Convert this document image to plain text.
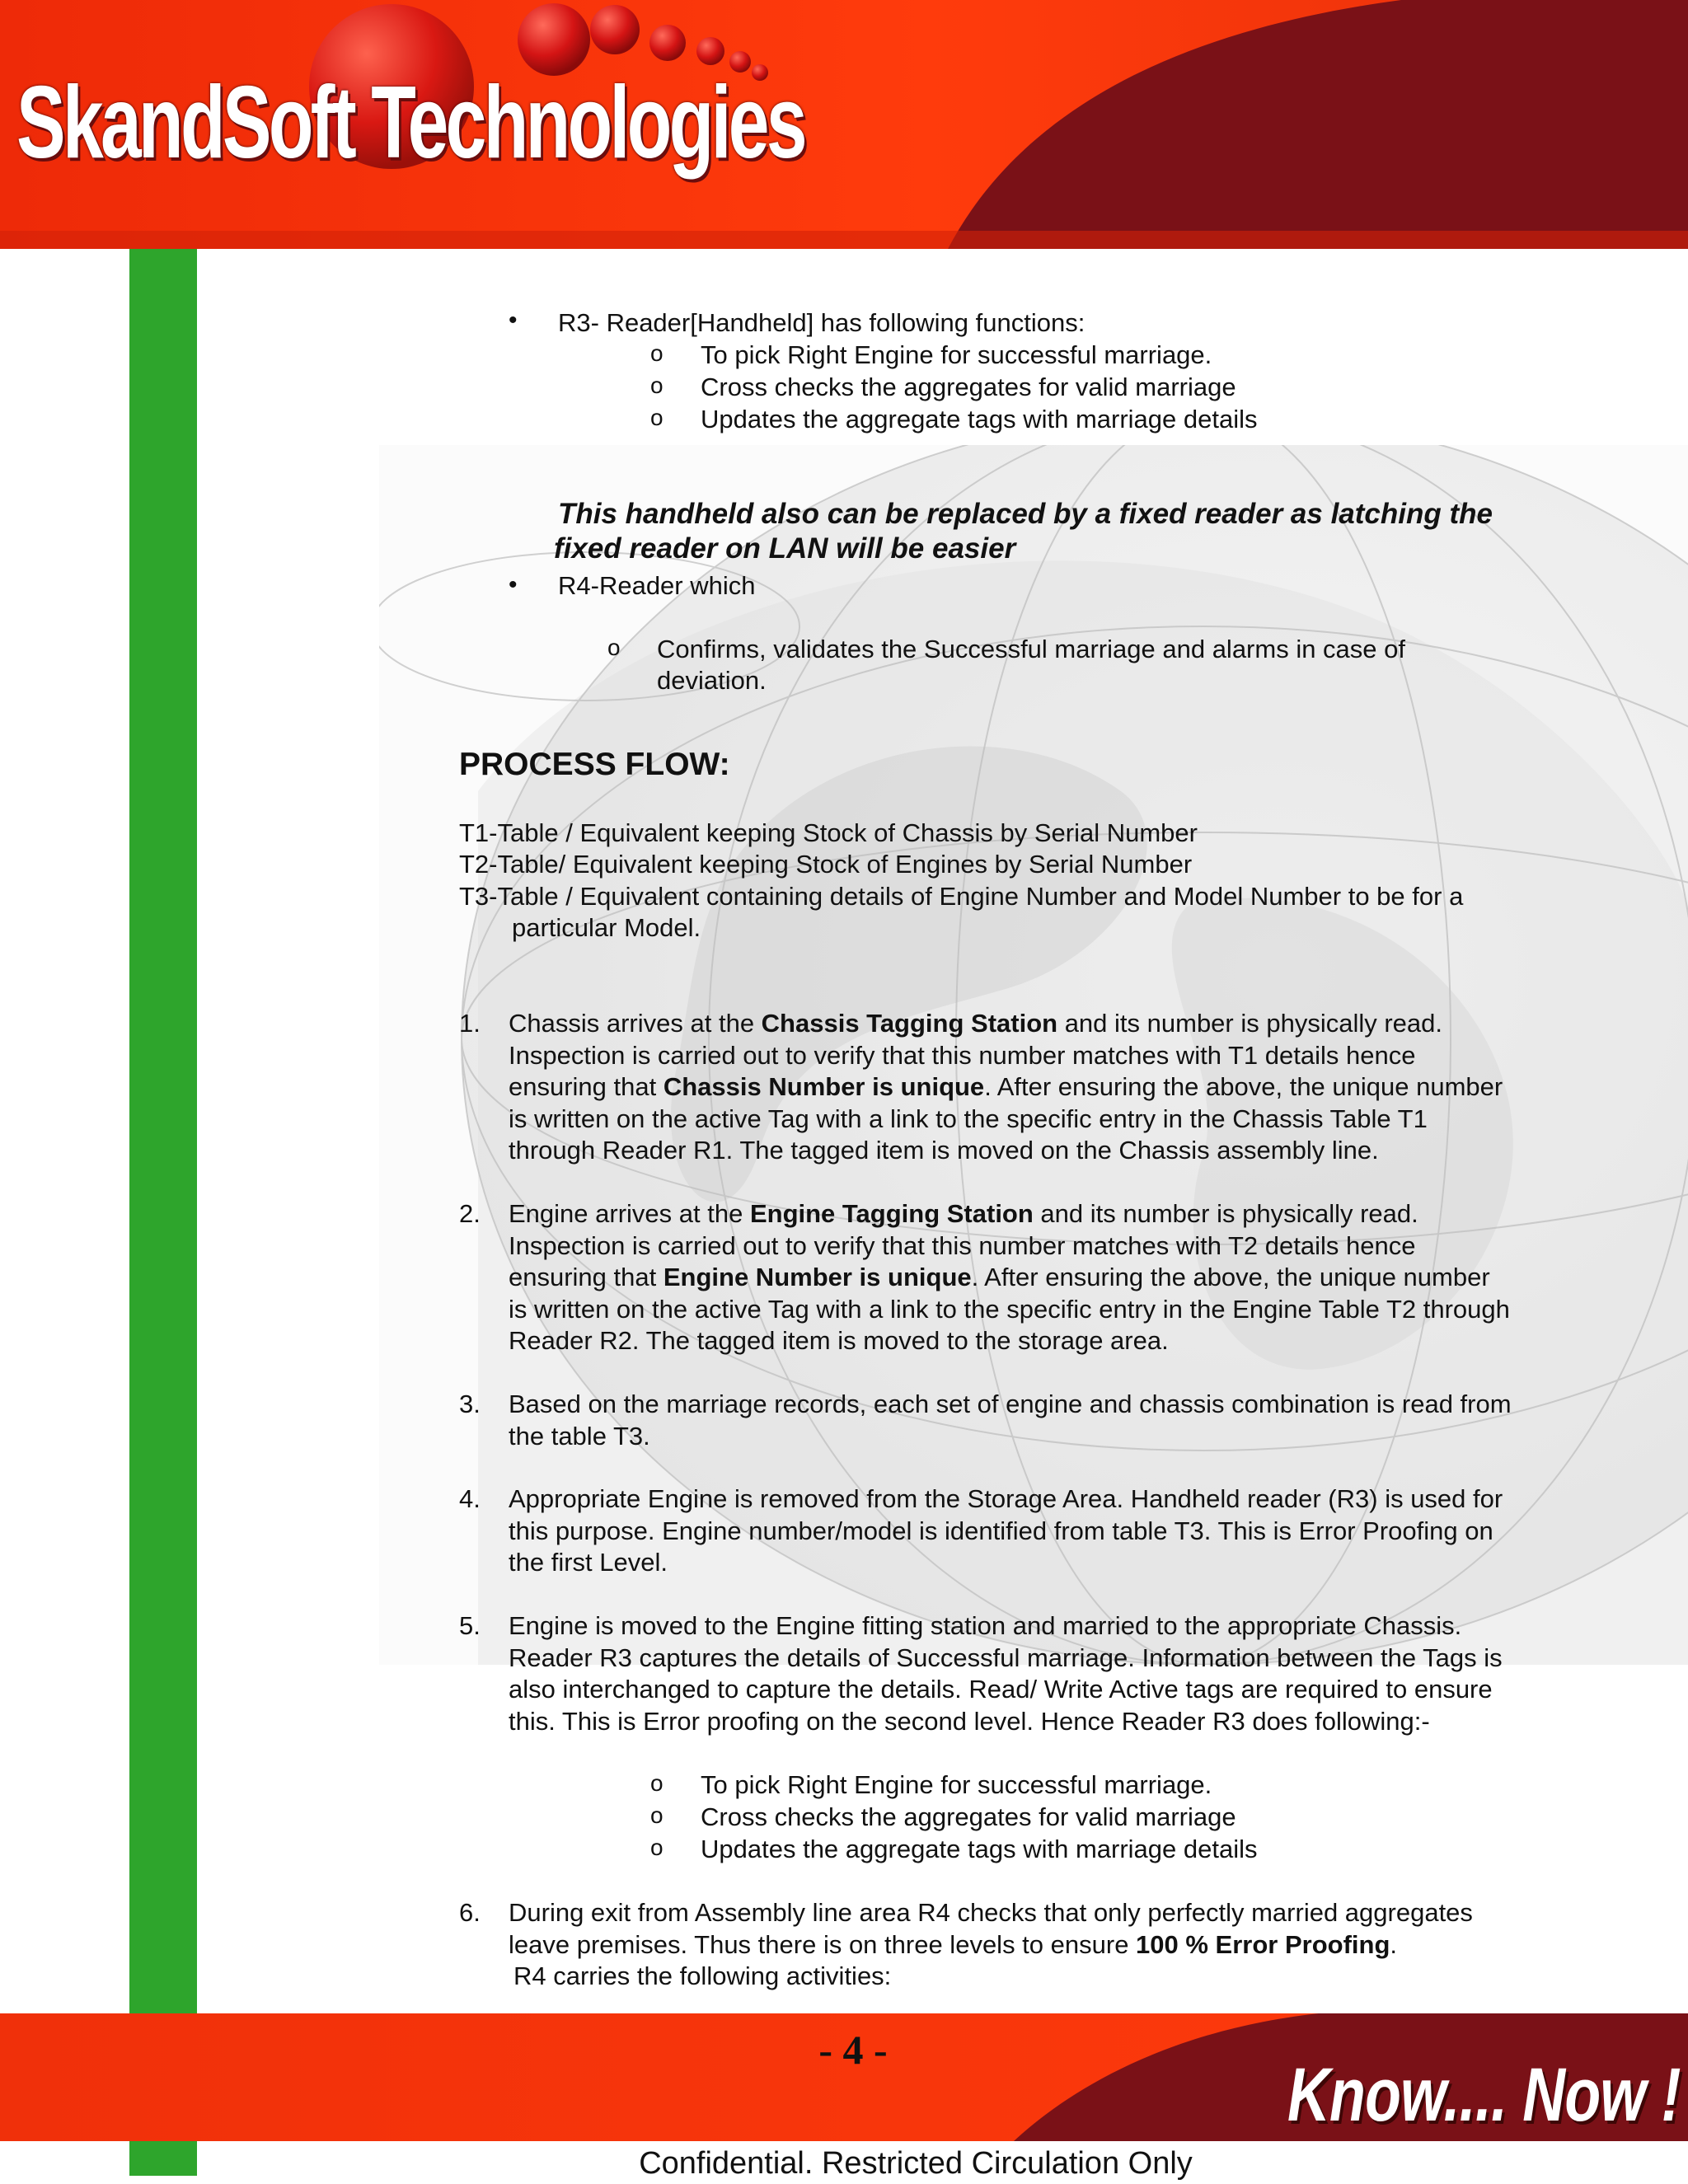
SkandSoft Technologies
• R3- Reader[Handheld] has following functions:
o To pick Right Engine for successful marriage.
o Cross checks the aggregates for valid marriage
o Updates the aggregate tags with marriage details
This handheld also can be replaced by a fixed reader as latching the
fixed reader on LAN will be easier
• R4-Reader which
o Confirms, validates the Successful marriage and alarms in case of
deviation.
PROCESS FLOW:
T1-Table / Equivalent keeping Stock of Chassis by Serial Number
T2-Table/ Equivalent keeping Stock of Engines by Serial Number
T3-Table / Equivalent containing details of Engine Number and Model Number to be for a
particular Model.
1. Chassis arrives at the Chassis Tagging Station and its number is physically read.
Inspection is carried out to verify that this number matches with T1 details hence
ensuring that Chassis Number is unique. After ensuring the above, the unique number
is written on the active Tag with a link to the specific entry in the Chassis Table T1
through Reader R1. The tagged item is moved on the Chassis assembly line.
2. Engine arrives at the Engine Tagging Station and its number is physically read.
Inspection is carried out to verify that this number matches with T2 details hence
ensuring that Engine Number is unique. After ensuring the above, the unique number
is written on the active Tag with a link to the specific entry in the Engine Table T2 through
Reader R2. The tagged item is moved to the storage area.
3. Based on the marriage records, each set of engine and chassis combination is read from
the table T3.
4. Appropriate Engine is removed from the Storage Area. Handheld reader (R3) is used for
this purpose. Engine number/model is identified from table T3. This is Error Proofing on
the first Level.
5. Engine is moved to the Engine fitting station and married to the appropriate Chassis.
Reader R3 captures the details of Successful marriage. Information between the Tags is
also interchanged to capture the details. Read/ Write Active tags are required to ensure
this. This is Error proofing on the second level. Hence Reader R3 does following:-
o To pick Right Engine for successful marriage.
o Cross checks the aggregates for valid marriage
o Updates the aggregate tags with marriage details
6. During exit from Assembly line area R4 checks that only perfectly married aggregates
leave premises. Thus there is on three levels to ensure 100 % Error Proofing.
R4 carries the following activities:
- 4 -
Know.... Now !
Confidential. Restricted Circulation Only
